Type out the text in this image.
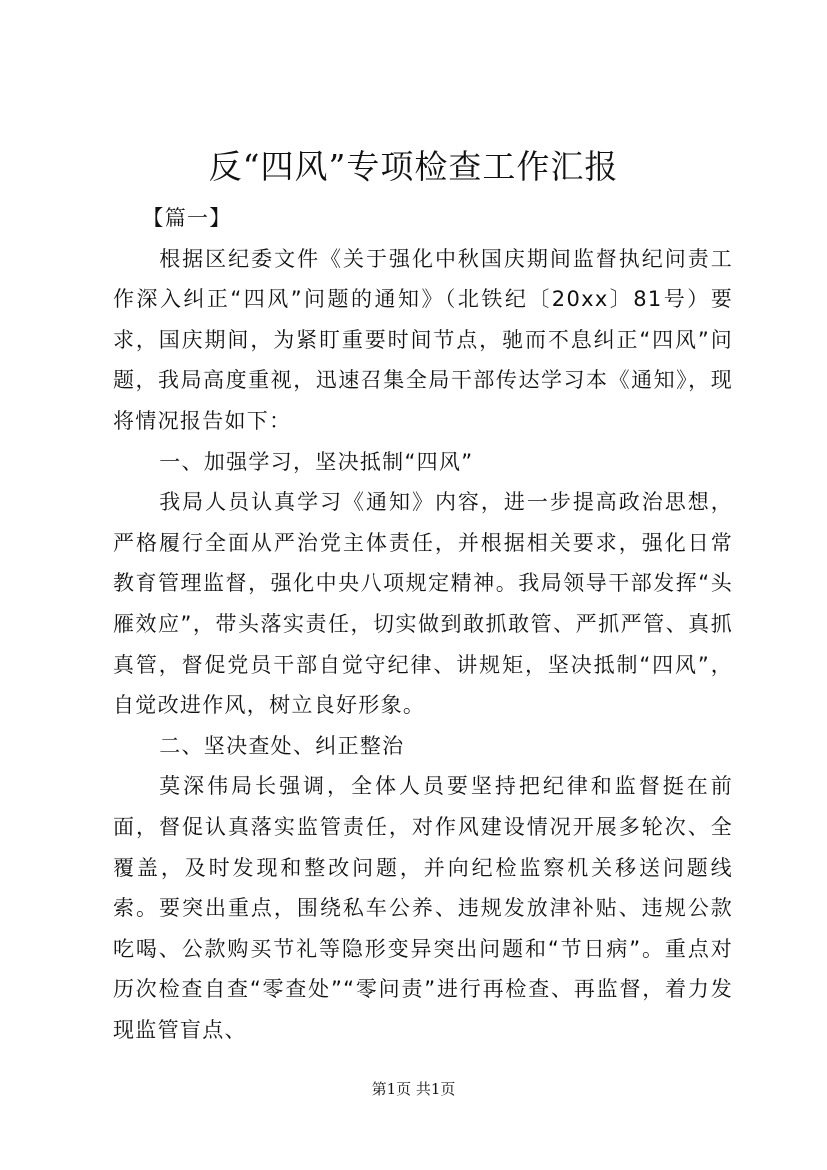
反“四风”专项检查工作汇报

【篇一】

根据区纪委文件《关于强化中秋国庆期间监督执纪问责工作深入纠正“四风”问题的通知》（北铁纪〔20xx〕81号）要求，国庆期间，为紧盯重要时间节点，驰而不息纠正“四风”问题，我局高度重视，迅速召集全局干部传达学习本《通知》，现将情况报告如下：

一、加强学习，坚决抵制“四风”

我局人员认真学习《通知》内容，进一步提高政治思想，严格履行全面从严治党主体责任，并根据相关要求，强化日常教育管理监督，强化中央八项规定精神。我局领导干部发挥“头雁效应”，带头落实责任，切实做到敢抓敢管、严抓严管、真抓真管，督促党员干部自觉守纪律、讲规矩，坚决抵制“四风”，自觉改进作风，树立良好形象。

二、坚决查处、纠正整治

莫深伟局长强调，全体人员要坚持把纪律和监督挺在前面，督促认真落实监管责任，对作风建设情况开展多轮次、全覆盖，及时发现和整改问题，并向纪检监察机关移送问题线索。要突出重点，围绕私车公养、违规发放津补贴、违规公款吃喝、公款购买节礼等隐形变异突出问题和“节日病”。重点对历次检查自查“零查处”“零问责”进行再检查、再监督，着力发现监管盲点、

第1页 共1页
